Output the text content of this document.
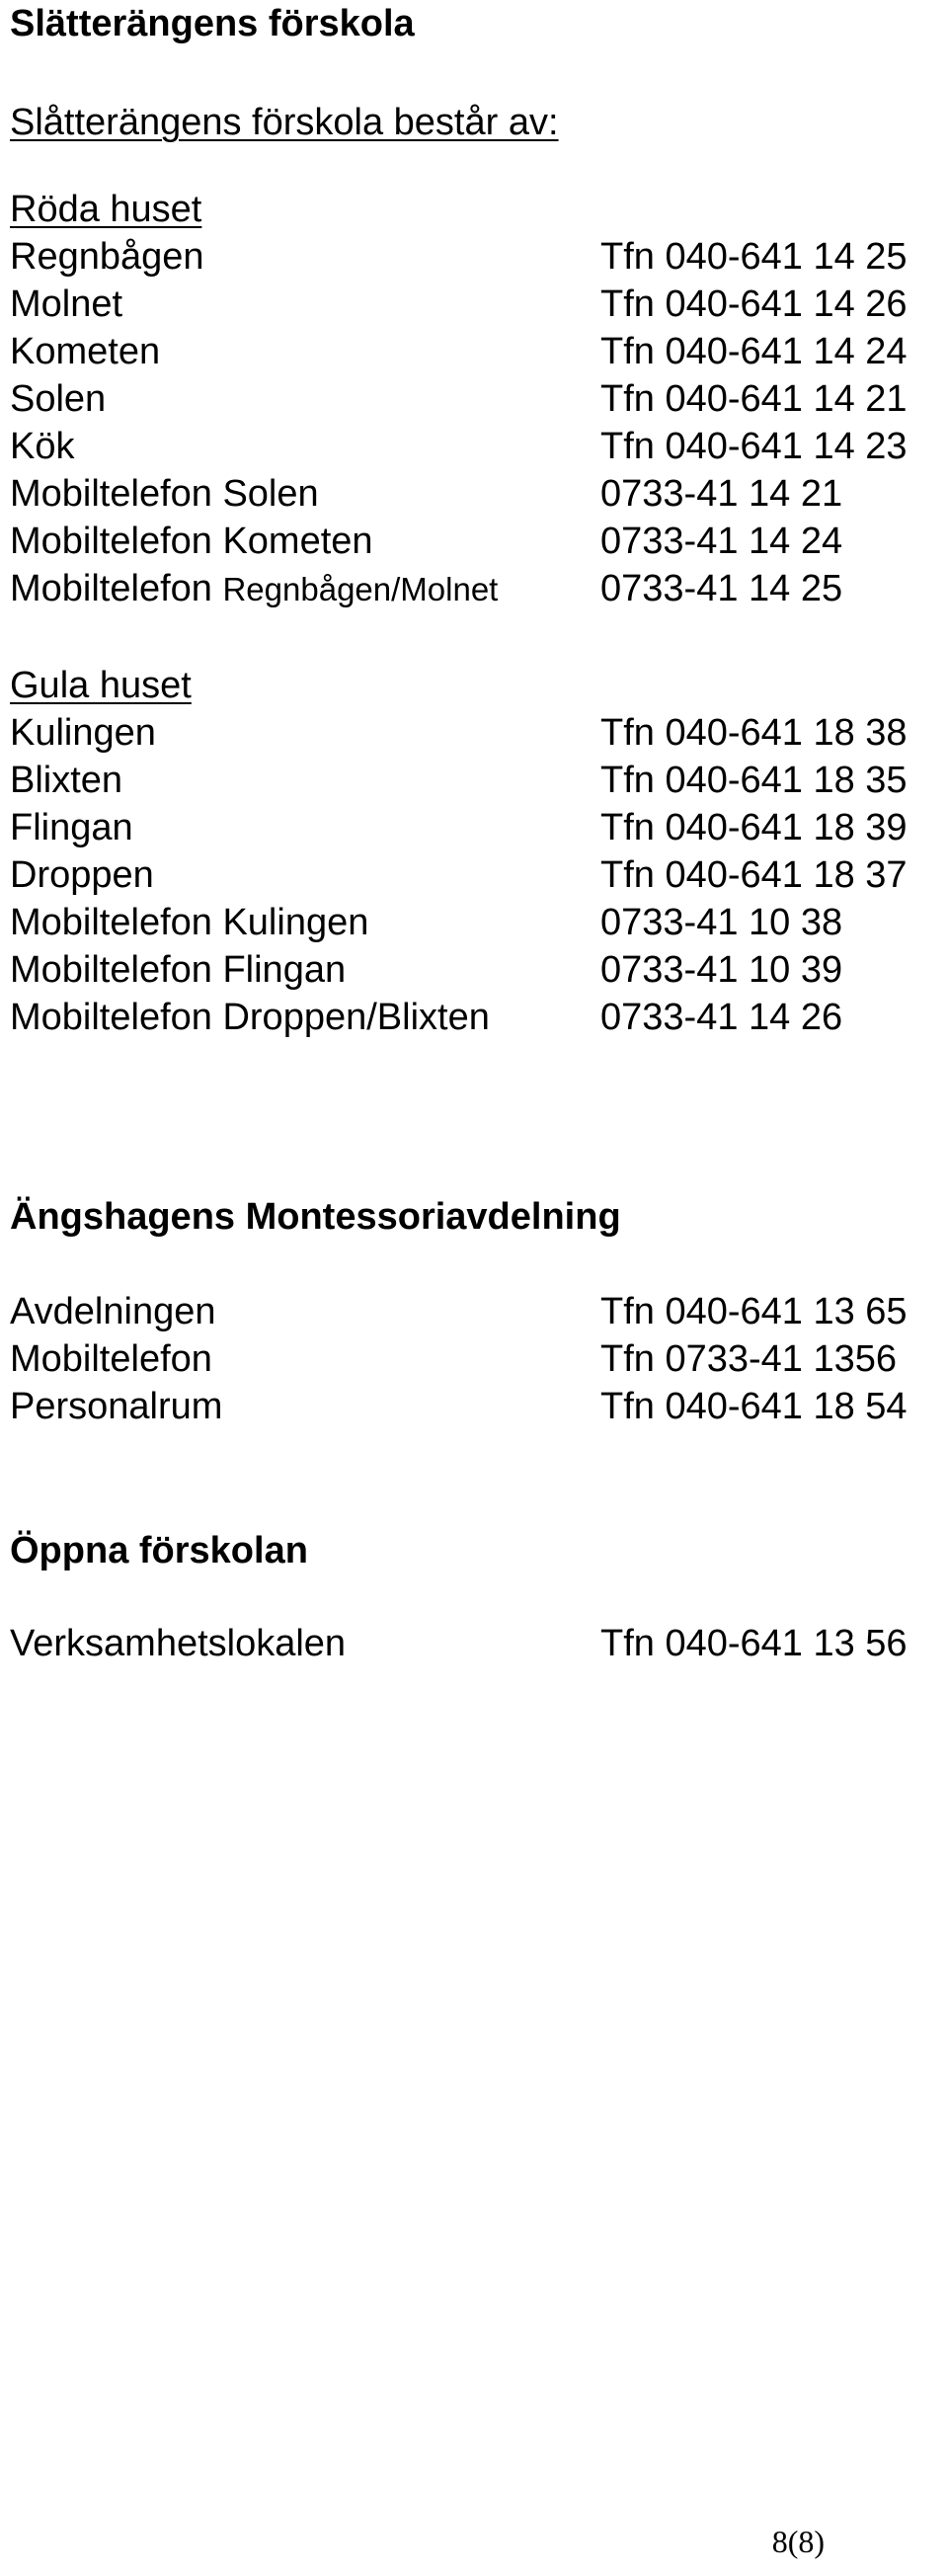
Slätterängens förskola
Slåtterängens förskola består av:
Röda huset
Regnbågen	Tfn 040-641 14 25
Molnet	Tfn 040-641 14 26
Kometen	Tfn 040-641 14 24
Solen	Tfn 040-641 14 21
Kök	Tfn 040-641 14 23
Mobiltelefon Solen	0733-41 14 21
Mobiltelefon Kometen	0733-41 14 24
Mobiltelefon Regnbågen/Molnet	0733-41 14 25
Gula huset
Kulingen	Tfn 040-641 18 38
Blixten	Tfn 040-641 18 35
Flingan	Tfn 040-641 18 39
Droppen	Tfn 040-641 18 37
Mobiltelefon Kulingen	0733-41 10 38
Mobiltelefon Flingan	0733-41 10 39
Mobiltelefon Droppen/Blixten	0733-41 14 26
Ängshagens Montessoriavdelning
Avdelningen	Tfn 040-641 13 65
Mobiltelefon	Tfn 0733-41 1356
Personalrum	Tfn 040-641 18 54
Öppna förskolan
Verksamhetslokalen	Tfn 040-641 13 56
8(8)
